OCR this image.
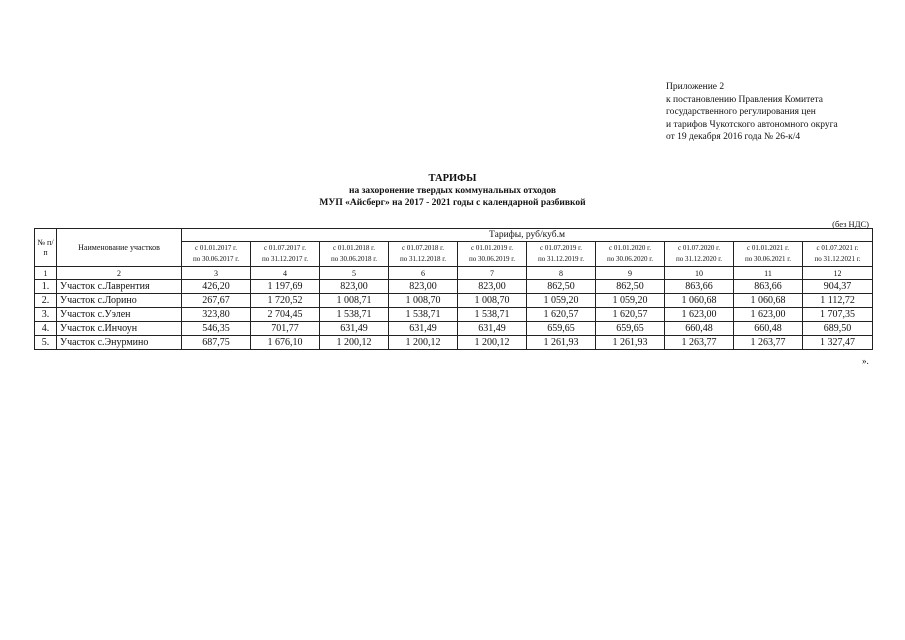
Приложение 2
к постановлению Правления Комитета
государственного регулирования цен
и тарифов Чукотского автономного округа
от 19 декабря 2016 года № 26-к/4
ТАРИФЫ
на захоронение твердых коммунальных отходов
МУП «Айсберг» на 2017 - 2021 годы с календарной разбивкой
(без НДС)
№ п/п	Наименование участков	Тарифы, руб/куб.м									

		с 01.01.2017 г.
по 30.06.2017 г.	с 01.07.2017 г.
по 31.12.2017 г.	с 01.01.2018 г.
по 30.06.2018 г.	с 01.07.2018 г.
по 31.12.2018 г.	с 01.01.2019 г.
по 30.06.2019 г.	с 01.07.2019 г.
по 31.12.2019 г.	с 01.01.2020 г.
по 30.06.2020 г.	с 01.07.2020 г.
по 31.12.2020 г.	с 01.01.2021 г.
по 30.06.2021 г.	с 01.07.2021 г.
по 31.12.2021 г.

1	2	3	4	5	6	7	8	9	10	11	12
1.	Участок с.Лаврентия	426,20	1 197,69	823,00	823,00	823,00	862,50	862,50	863,66	863,66	904,37
2.	Участок с.Лорино	267,67	1 720,52	1 008,71	1 008,70	1 008,70	1 059,20	1 059,20	1 060,68	1 060,68	1 112,72
3.	Участок с.Уэлен	323,80	2 704,45	1 538,71	1 538,71	1 538,71	1 620,57	1 620,57	1 623,00	1 623,00	1 707,35
4.	Участок с.Инчоун	546,35	701,77	631,49	631,49	631,49	659,65	659,65	660,48	660,48	689,50
5.	Участок с.Энурмино	687,75	1 676,10	1 200,12	1 200,12	1 200,12	1 261,93	1 261,93	1 263,77	1 263,77	1 327,47
».
